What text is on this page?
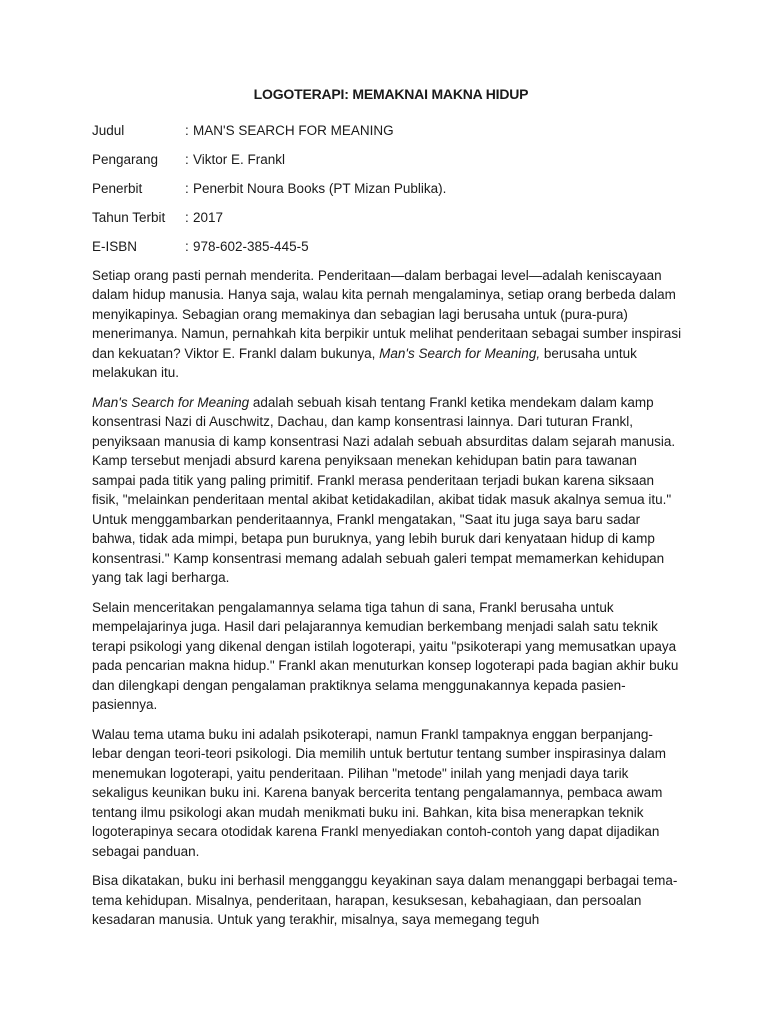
LOGOTERAPI: MEMAKNAI MAKNA HIDUP
Judul	: MAN'S SEARCH FOR MEANING
Pengarang	: Viktor E. Frankl
Penerbit	: Penerbit Noura Books (PT Mizan Publika).
Tahun Terbit	: 2017
E-ISBN	: 978-602-385-445-5

Setiap orang pasti pernah menderita. Penderitaan—dalam berbagai level—adalah keniscayaan dalam hidup manusia. Hanya saja, walau kita pernah mengalaminya, setiap orang berbeda dalam menyikapinya. Sebagian orang memakinya dan sebagian lagi berusaha untuk (pura-pura) menerimanya. Namun, pernahkah kita berpikir untuk melihat penderitaan sebagai sumber inspirasi dan kekuatan? Viktor E. Frankl dalam bukunya, Man's Search for Meaning, berusaha untuk melakukan itu.

Man's Search for Meaning adalah sebuah kisah tentang Frankl ketika mendekam dalam kamp konsentrasi Nazi di Auschwitz, Dachau, dan kamp konsentrasi lainnya. Dari tuturan Frankl, penyiksaan manusia di kamp konsentrasi Nazi adalah sebuah absurditas dalam sejarah manusia. Kamp tersebut menjadi absurd karena penyiksaan menekan kehidupan batin para tawanan sampai pada titik yang paling primitif. Frankl merasa penderitaan terjadi bukan karena siksaan fisik, "melainkan penderitaan mental akibat ketidakadilan, akibat tidak masuk akalnya semua itu." Untuk menggambarkan penderitaannya, Frankl mengatakan, "Saat itu juga saya baru sadar bahwa, tidak ada mimpi, betapa pun buruknya, yang lebih buruk dari kenyataan hidup di kamp konsentrasi." Kamp konsentrasi memang adalah sebuah galeri tempat memamerkan kehidupan yang tak lagi berharga.

Selain menceritakan pengalamannya selama tiga tahun di sana, Frankl berusaha untuk mempelajarinya juga. Hasil dari pelajarannya kemudian berkembang menjadi salah satu teknik terapi psikologi yang dikenal dengan istilah logoterapi, yaitu "psikoterapi yang memusatkan upaya pada pencarian makna hidup." Frankl akan menuturkan konsep logoterapi pada bagian akhir buku dan dilengkapi dengan pengalaman praktiknya selama menggunakannya kepada pasien-pasiennya.

Walau tema utama buku ini adalah psikoterapi, namun Frankl tampaknya enggan berpanjang-lebar dengan teori-teori psikologi. Dia memilih untuk bertutur tentang sumber inspirasinya dalam menemukan logoterapi, yaitu penderitaan. Pilihan "metode" inilah yang menjadi daya tarik sekaligus keunikan buku ini. Karena banyak bercerita tentang pengalamannya, pembaca awam tentang ilmu psikologi akan mudah menikmati buku ini. Bahkan, kita bisa menerapkan teknik logoterapinya secara otodidak karena Frankl menyediakan contoh-contoh yang dapat dijadikan sebagai panduan.

Bisa dikatakan, buku ini berhasil mengganggu keyakinan saya dalam menanggapi berbagai tema-tema kehidupan. Misalnya, penderitaan, harapan, kesuksesan, kebahagiaan, dan persoalan kesadaran manusia. Untuk yang terakhir, misalnya, saya memegang teguh
